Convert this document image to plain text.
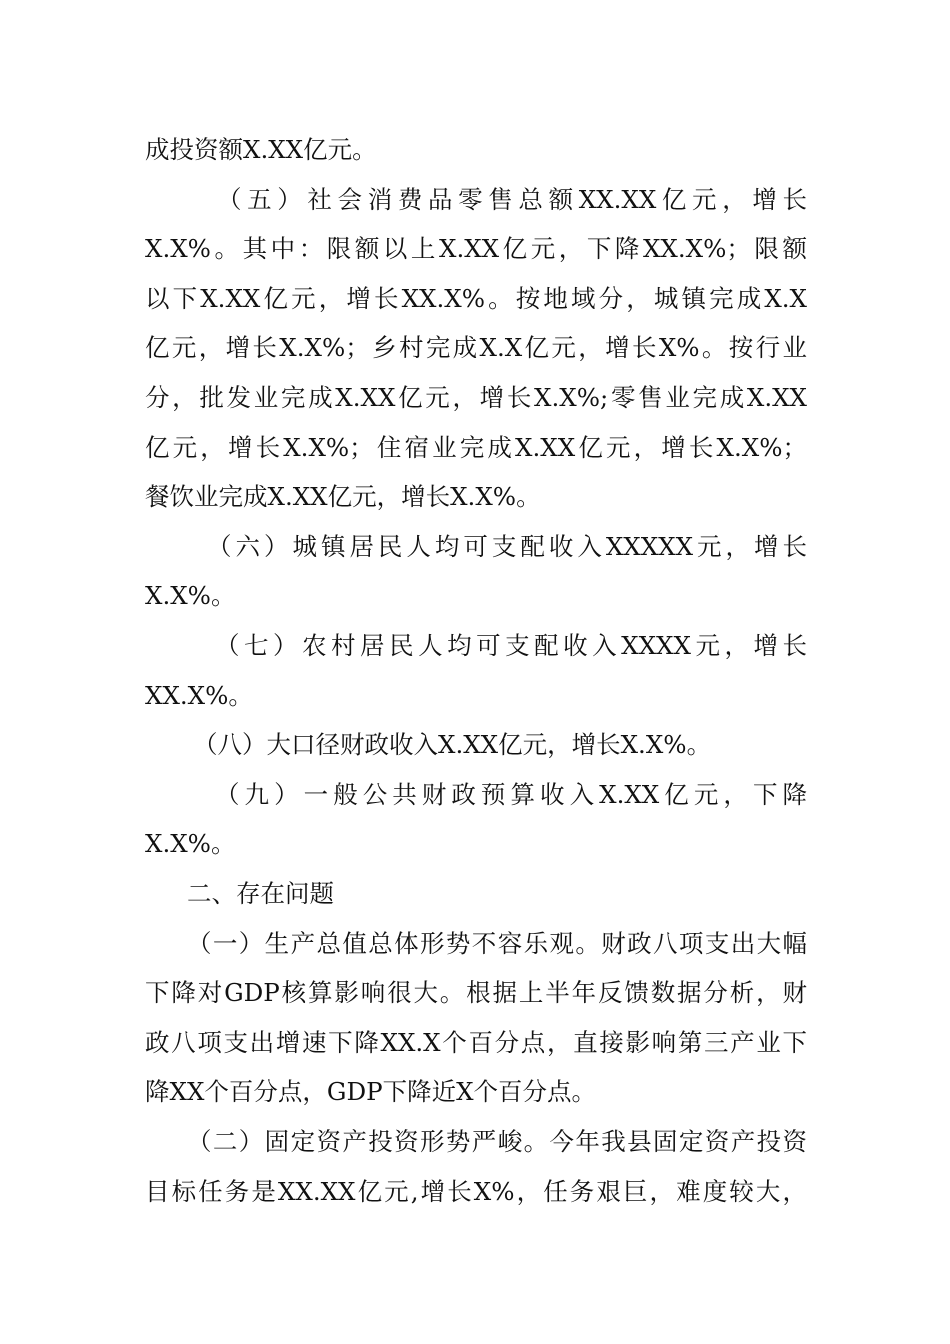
成投资额X.XX亿元。
（五）社会消费品零售总额XX.XX亿元，增长
X.X%。其中：限额以上X.XX亿元，下降XX.X%；限额
以下X.XX亿元，增长XX.X%。按地域分，城镇完成X.X
亿元，增长X.X%；乡村完成X.X亿元，增长X%。按行业
分，批发业完成X.XX亿元，增长X.X%;零售业完成X.XX
亿元，增长X.X%；住宿业完成X.XX亿元，增长X.X%；
餐饮业完成X.XX亿元，增长X.X%。
（六）城镇居民人均可支配收入XXXXX元，增长
X.X%。
（七）农村居民人均可支配收入XXXX元，增长
XX.X%。
（八）大口径财政收入X.XX亿元，增长X.X%。
（九）一般公共财政预算收入X.XX亿元，下降
X.X%。
二、存在问题
（一）生产总值总体形势不容乐观。财政八项支出大幅
下降对GDP核算影响很大。根据上半年反馈数据分析，财
政八项支出增速下降XX.X个百分点，直接影响第三产业下
降XX个百分点，GDP下降近X个百分点。
（二）固定资产投资形势严峻。今年我县固定资产投资
目标任务是XX.XX亿元,增长X%，任务艰巨，难度较大，
